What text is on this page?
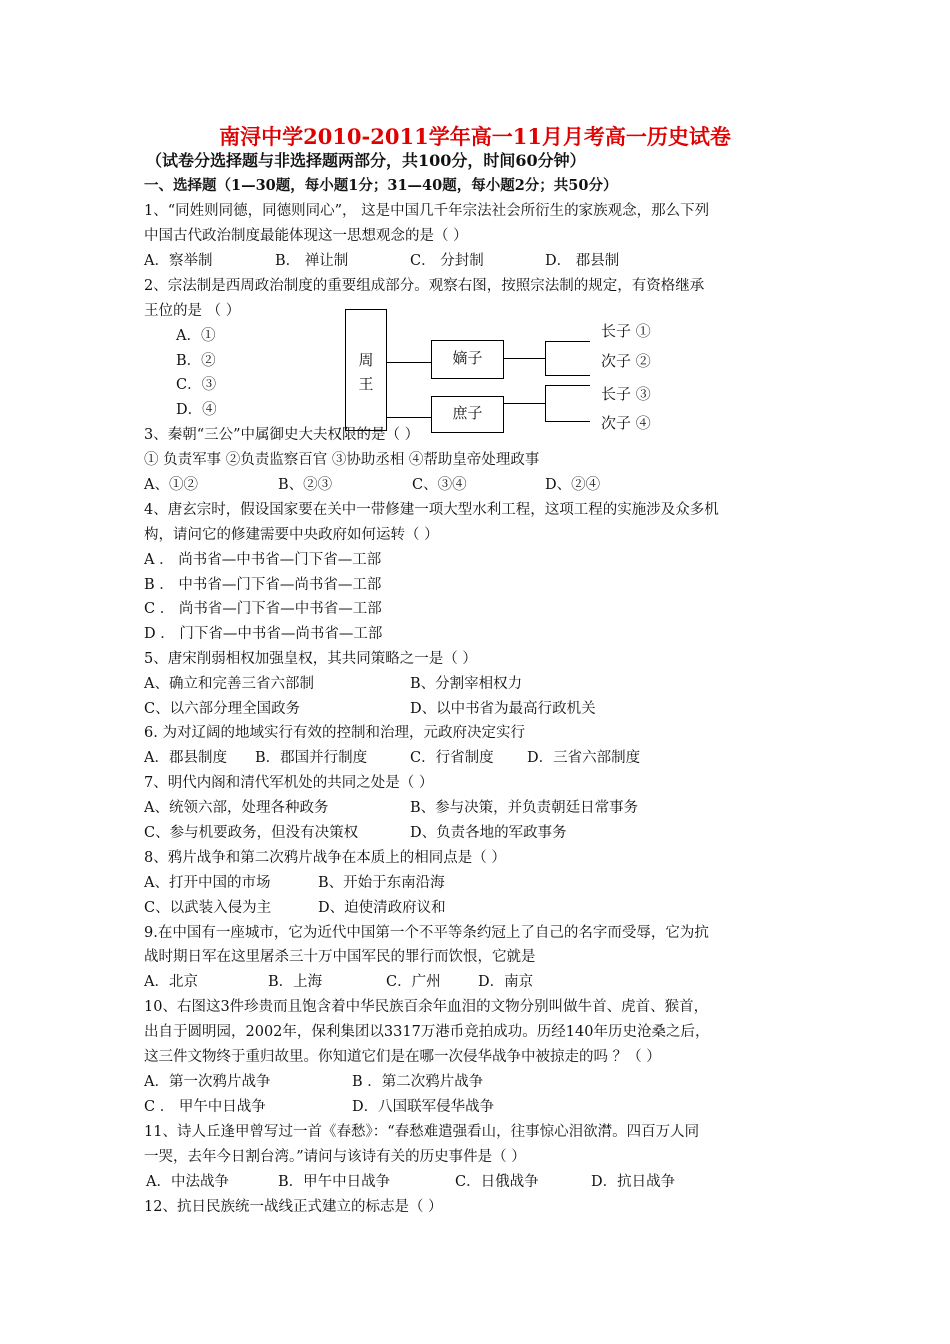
南浔中学2010-2011学年高一11月月考高一历史试卷
（试卷分选择题与非选择题两部分，共100分，时间60分钟）
一、选择题（1—30题，每小题1分；31—40题，每小题2分；共50分）
1、“同姓则同德，同德则同心”， 这是中国几千年宗法社会所衍生的家族观念，那么下列
中国古代政治制度最能体现这一思想观念的是（ ）
A．察举制	B． 禅让制	C． 分封制	D． 郡县制
2、宗法制是西周政治制度的重要组成部分。观察右图，按照宗法制的规定，有资格继承
王位的是 （ ）
A．①
B．②
C．③
D．④
周
王
嫡子
庶子
长子 ①
次子 ②
长子 ③
次子 ④
3、秦朝“三公”中属御史大夫权限的是（ ）
① 负责军事 ②负责监察百官 ③协助丞相 ④帮助皇帝处理政事
A、①②	B、②③	C、③④	D、②④
4、唐玄宗时，假设国家要在关中一带修建一项大型水利工程，这项工程的实施涉及众多机
构，请问它的修建需要中央政府如何运转（ ）
A ． 尚书省—中书省—门下省—工部
B ． 中书省—门下省—尚书省—工部
C ． 尚书省—门下省—中书省—工部
D ． 门下省—中书省—尚书省—工部
5、唐宋削弱相权加强皇权，其共同策略之一是（ ）
A、确立和完善三省六部制	B、分割宰相权力
C、以六部分理全国政务	D、以中书省为最高行政机关
6. 为对辽阔的地域实行有效的控制和治理，元政府决定实行
A．郡县制度 B．郡国并行制度	C．行省制度 D．三省六部制度
7、明代内阁和清代军机处的共同之处是（ ）
A、统领六部，处理各种政务	B、参与决策，并负责朝廷日常事务
C、参与机要政务，但没有决策权	D、负责各地的军政事务
8、鸦片战争和第二次鸦片战争在本质上的相同点是（ ）
A、打开中国的市场	B、开始于东南沿海
C、以武装入侵为主	D、迫使清政府议和
9.在中国有一座城市，它为近代中国第一个不平等条约冠上了自己的名字而受辱，它为抗
战时期日军在这里屠杀三十万中国军民的罪行而饮恨，它就是
A．北京	B．上海	C．广州	D．南京
10、右图这3件珍贵而且饱含着中华民族百余年血泪的文物分别叫做牛首、虎首、猴首，
出自于圆明园，2002年，保利集团以3317万港币竞拍成功。历经140年历史沧桑之后，
这三件文物终于重归故里。你知道它们是在哪一次侵华战争中被掠走的吗 ？（ ）
A．第一次鸦片战争	B ．第二次鸦片战争
C ． 甲午中日战争	D．八国联军侵华战争
11、诗人丘逢甲曾写过一首《春愁》：“春愁难遣强看山，往事惊心泪欲潸。四百万人同
一哭，去年今日割台湾。”请问与该诗有关的历史事件是（ ）
A．中法战争	B．甲午中日战争	C．日俄战争	D．抗日战争
12、抗日民族统一战线正式建立的标志是（ ）
